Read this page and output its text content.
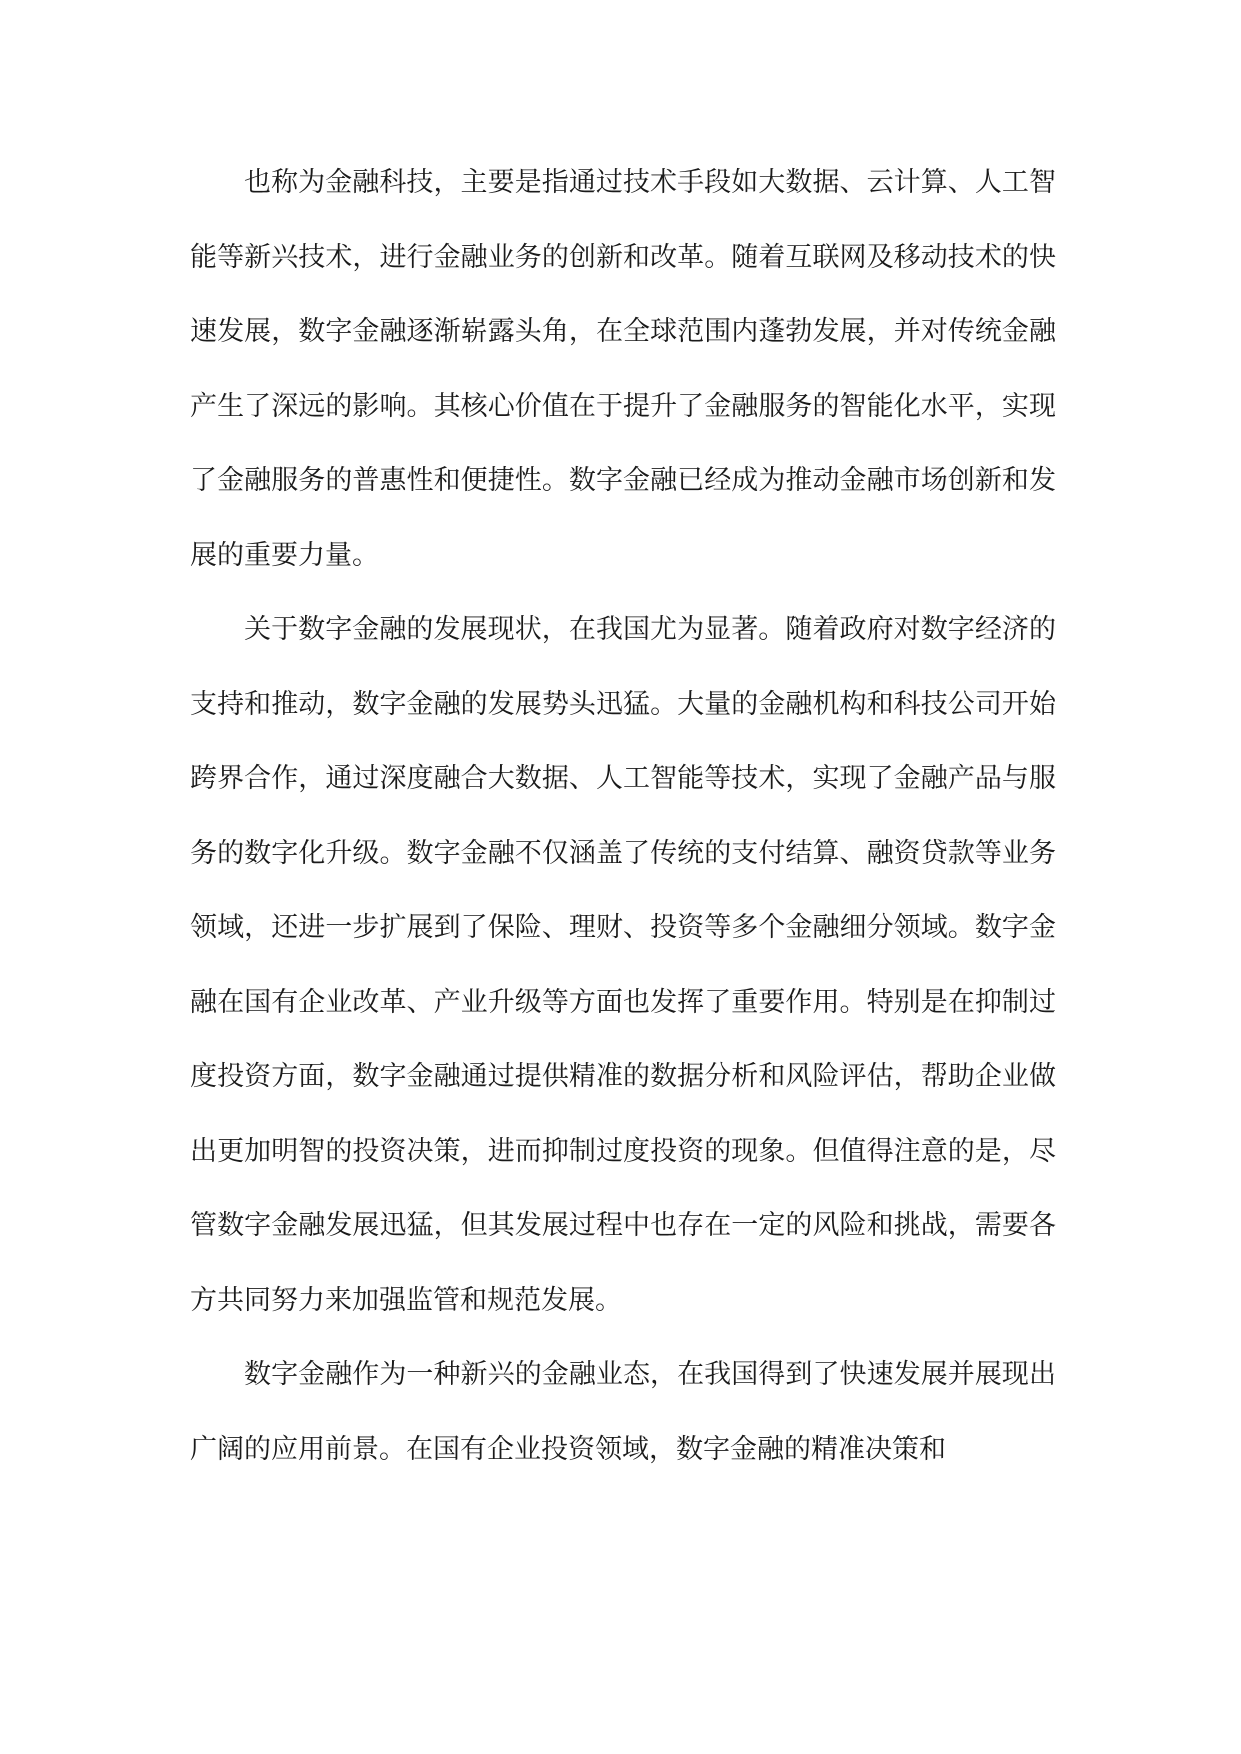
也称为金融科技，主要是指通过技术手段如大数据、云计算、人工智能等新兴技术，进行金融业务的创新和改革。随着互联网及移动技术的快速发展，数字金融逐渐崭露头角，在全球范围内蓬勃发展，并对传统金融产生了深远的影响。其核心价值在于提升了金融服务的智能化水平，实现了金融服务的普惠性和便捷性。数字金融已经成为推动金融市场创新和发展的重要力量。

关于数字金融的发展现状，在我国尤为显著。随着政府对数字经济的支持和推动，数字金融的发展势头迅猛。大量的金融机构和科技公司开始跨界合作，通过深度融合大数据、人工智能等技术，实现了金融产品与服务的数字化升级。数字金融不仅涵盖了传统的支付结算、融资贷款等业务领域，还进一步扩展到了保险、理财、投资等多个金融细分领域。数字金融在国有企业改革、产业升级等方面也发挥了重要作用。特别是在抑制过度投资方面，数字金融通过提供精准的数据分析和风险评估，帮助企业做出更加明智的投资决策，进而抑制过度投资的现象。但值得注意的是，尽管数字金融发展迅猛，但其发展过程中也存在一定的风险和挑战，需要各方共同努力来加强监管和规范发展。

数字金融作为一种新兴的金融业态，在我国得到了快速发展并展现出广阔的应用前景。在国有企业投资领域，数字金融的精准决策和
